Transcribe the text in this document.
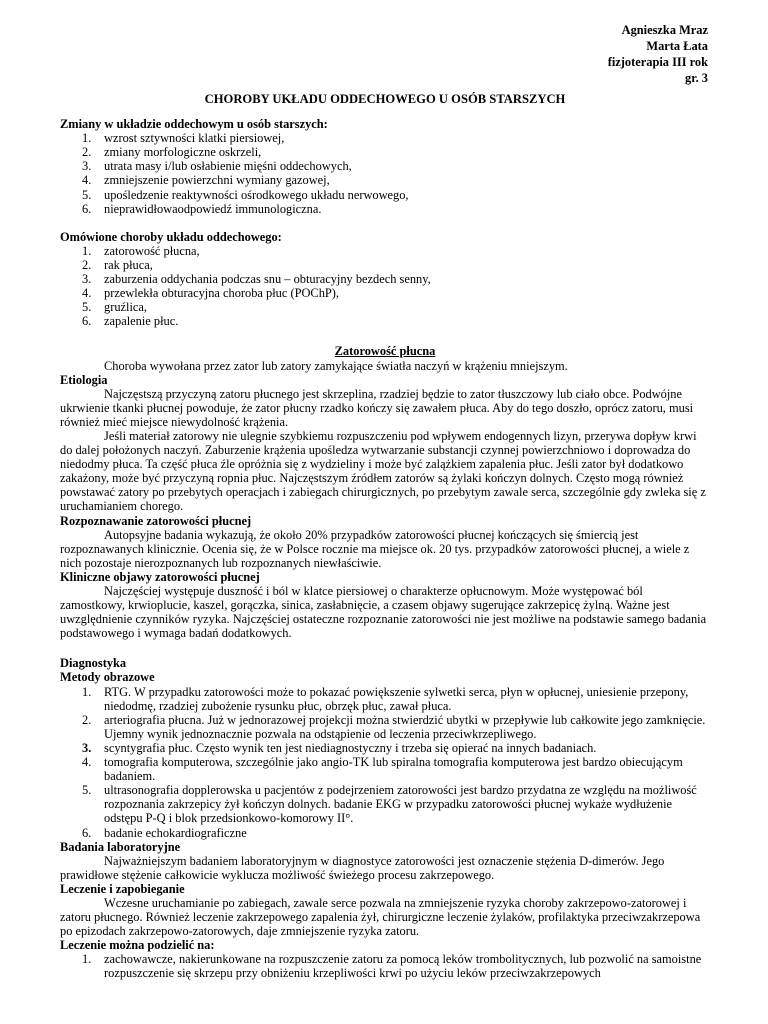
Agnieszka Mraz
Marta Łata
fizjoterapia III rok
gr. 3
CHOROBY UKŁADU ODDECHOWEGO U OSÓB STARSZYCH
Zmiany w układzie oddechowym u osób starszych:
1.	wzrost sztywności klatki piersiowej,
2.	zmiany morfologiczne oskrzeli,
3.	utrata masy i/lub osłabienie mięśni oddechowych,
4.	zmniejszenie powierzchni wymiany gazowej,
5.	upośledzenie reaktywności ośrodkowego układu nerwowego,
6.	nieprawidłowaodpowiedź immunologiczna.
Omówione choroby układu oddechowego:
1.	zatorowość płucna,
2.	rak płuca,
3.	zaburzenia oddychania podczas snu – obturacyjny bezdech senny,
4.	przewlekła obturacyjna choroba płuc (POChP),
5.	gruźlica,
6.	zapalenie płuc.
Zatorowość płucna

Choroba wywołana przez zator lub zatory zamykające światła naczyń w krążeniu mniejszym.

Etiologia

Najczęstszą przyczyną zatoru płucnego jest skrzeplina, rzadziej będzie to zator tłuszczowy lub ciało obce. Podwójne ukrwienie tkanki płucnej powoduje, że zator płucny rzadko kończy się zawałem płuca. Aby do tego doszło, oprócz zatoru, musi również mieć miejsce niewydolność krążenia.

Jeśli materiał zatorowy nie ulegnie szybkiemu rozpuszczeniu pod wpływem endogennych lizyn, przerywa dopływ krwi do dalej położonych naczyń. Zaburzenie krążenia upośledza wytwarzanie substancji czynnej powierzchniowo i doprowadza do niedodmy płuca. Ta część płuca źle opróżnia się z wydzieliny i może być zalążkiem zapalenia płuc. Jeśli zator był dodatkowo zakażony, może być przyczyną ropnia płuc. Najczęstszym źródłem zatorów są żylaki kończyn dolnych. Często mogą również powstawać zatory po przebytych operacjach i zabiegach chirurgicznych, po przebytym zawale serca, szczególnie gdy zwleka się z uruchamianiem chorego.

Rozpoznawanie zatorowości płucnej

Autopsyjne badania wykazują, że około 20% przypadków zatorowości płucnej kończących się śmiercią jest rozpoznawanych klinicznie. Ocenia się, że w Polsce rocznie ma miejsce ok. 20 tys. przypadków zatorowości płucnej, a wiele z nich pozostaje nierozpoznanych lub rozpoznanych niewłaściwie.

Kliniczne objawy zatorowości płucnej

Najczęściej występuje duszność i ból w klatce piersiowej o charakterze opłucnowym. Może występować ból zamostkowy, krwioplucie, kaszel, gorączka, sinica, zasłabnięcie, a czasem objawy sugerujące zakrzepicę żylną. Ważne jest uwzględnienie czynników ryzyka. Najczęściej ostateczne rozpoznanie zatorowości nie jest możliwe na podstawie samego badania podstawowego i wymaga badań dodatkowych.

Diagnostyka
Metody obrazowe
1.	RTG. W przypadku zatorowości może to pokazać powiększenie sylwetki serca, płyn w opłucnej, uniesienie przepony, niedodmę, rzadziej zubożenie rysunku płuc, obrzęk płuc, zawał płuca.
2.	arteriografia płucna. Już w jednorazowej projekcji można stwierdzić ubytki w przepływie lub całkowite jego zamknięcie. Ujemny wynik jednoznacznie pozwala na odstąpienie od leczenia przeciwkrzepliwego.
3.	scyntygrafia płuc. Często wynik ten jest niediagnostyczny i trzeba się opierać na innych badaniach.
4.	tomografia komputerowa, szczególnie jako angio-TK lub spiralna tomografia komputerowa jest bardzo obiecującym badaniem.
5.	ultrasonografia dopplerowska u pacjentów z podejrzeniem zatorowości jest bardzo przydatna ze względu na możliwość rozpoznania zakrzepicy żył kończyn dolnych. badanie EKG w przypadku zatorowości płucnej wykaże wydłużenie odstępu P-Q i blok przedsionkowo-komorowy II°.
6.	badanie echokardiograficzne
Badania laboratoryjne

Najważniejszym badaniem laboratoryjnym w diagnostyce zatorowości jest oznaczenie stężenia D-dimerów. Jego prawidłowe stężenie całkowicie wyklucza możliwość świeżego procesu zakrzepowego.

Leczenie i zapobieganie

Wczesne uruchamianie po zabiegach, zawale serce pozwala na zmniejszenie ryzyka choroby zakrzepowo-zatorowej i zatoru płucnego. Również leczenie zakrzepowego zapalenia żył, chirurgiczne leczenie żylaków, profilaktyka przeciwzakrzepowa po epizodach zakrzepowo-zatorowych, daje zmniejszenie ryzyka zatoru.

Leczenie można podzielić na:
1.	zachowawcze, nakierunkowane na rozpuszczenie zatoru za pomocą leków trombolitycznych, lub pozwolić na samoistne rozpuszczenie się skrzepu przy obniżeniu krzepliwości krwi po użyciu leków przeciwzakrzepowych
